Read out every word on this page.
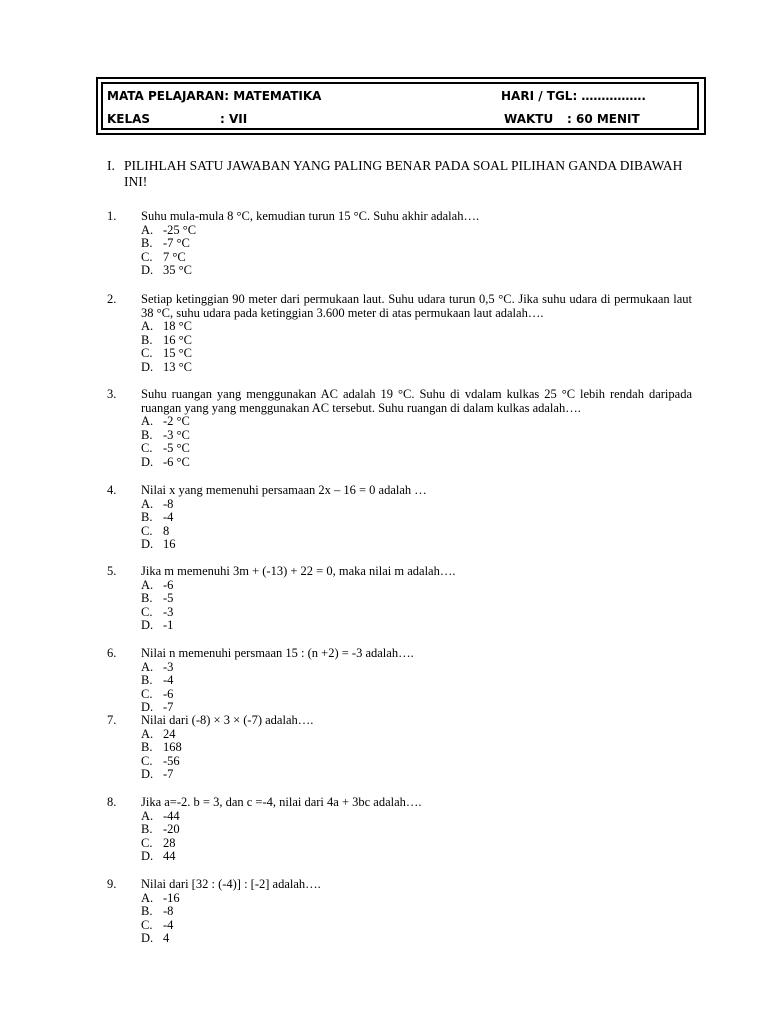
MATA PELAJARAN: MATEMATIKA	HARI / TGL: …………….
KELAS	: VII	WAKTU : 60 MENIT
I. PILIHLAH SATU JAWABAN YANG PALING BENAR PADA SOAL PILIHAN GANDA DIBAWAH INI!
1. Suhu mula-mula 8 °C, kemudian turun 15 °C. Suhu akhir adalah….
A. -25 °C
B. -7 °C
C. 7 °C
D. 35 °C
2. Setiap ketinggian 90 meter dari permukaan laut. Suhu udara turun 0,5 °C. Jika suhu udara di permukaan laut 38 °C, suhu udara pada ketinggian 3.600 meter di atas permukaan laut adalah….
A. 18 °C
B. 16 °C
C. 15 °C
D. 13 °C
3. Suhu ruangan yang menggunakan AC adalah 19 °C. Suhu di vdalam kulkas 25 °C lebih rendah daripada ruangan yang yang menggunakan AC tersebut. Suhu ruangan di dalam kulkas adalah….
A. -2 °C
B. -3 °C
C. -5 °C
D. -6 °C
4. Nilai x yang memenuhi persamaan 2x – 16 = 0 adalah …
A. -8
B. -4
C. 8
D. 16
5. Jika m memenuhi 3m + (-13) + 22 = 0, maka nilai m adalah….
A. -6
B. -5
C. -3
D. -1
6. Nilai n memenuhi persmaan 15 : (n +2) = -3 adalah….
A. -3
B. -4
C. -6
D. -7
7. Nilai dari (-8) × 3 × (-7) adalah….
A. 24
B. 168
C. -56
D. -7
8. Jika a=-2. b = 3, dan c =-4, nilai dari 4a + 3bc adalah….
A. -44
B. -20
C. 28
D. 44
9. Nilai dari [32 : (-4)] : [-2] adalah….
A. -16
B. -8
C. -4
D. 4
